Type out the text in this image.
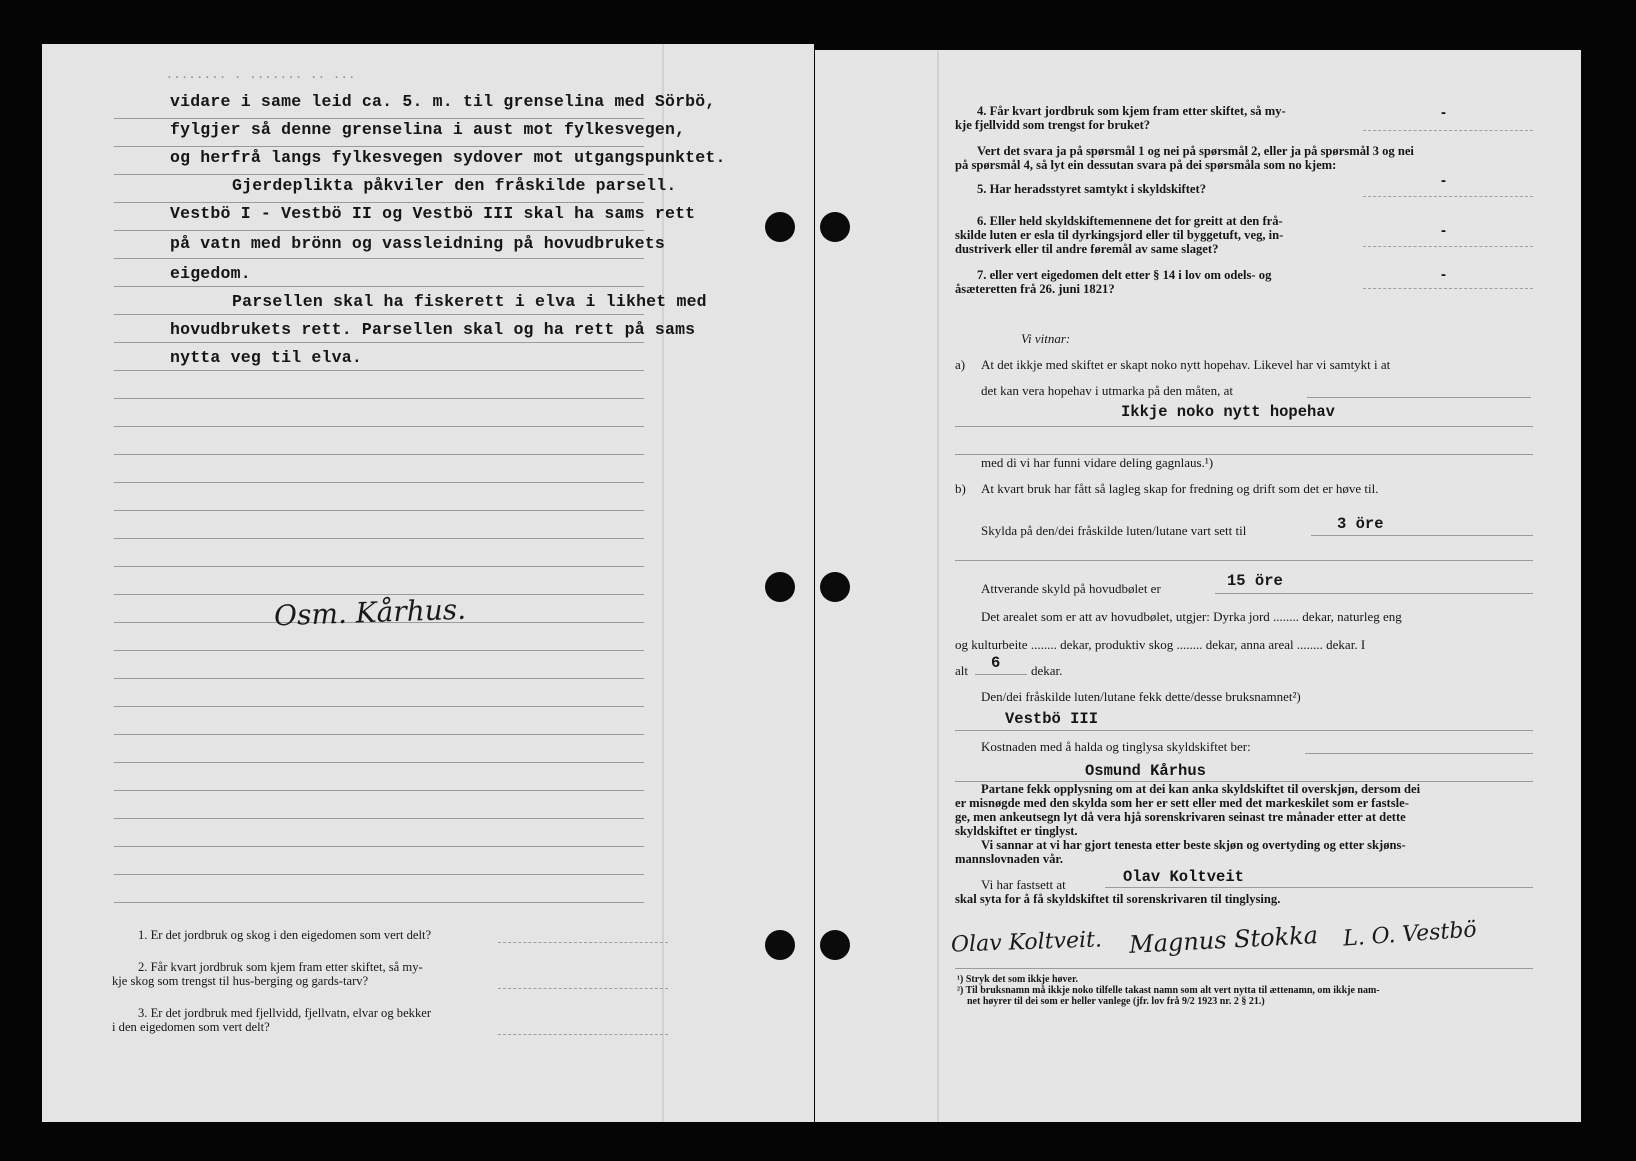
........ . ....... .. ...
vidare i same leid ca. 5. m. til grenselina med Sörbö,
fylgjer så denne grenselina i aust mot fylkesvegen,
og herfrå langs fylkesvegen sydover mot utgangspunktet.
Gjerdeplikta påkviler den fråskilde parsell.
Vestbö I - Vestbö II og Vestbö III skal ha sams rett
på vatn med brönn og vassleidning på hovudbrukets
eigedom.
Parsellen skal ha fiskerett i elva i likhet med
hovudbrukets rett. Parsellen skal og ha rett på sams
nytta veg til elva.
Osm. Kårhus.
1. Er det jordbruk og skog i den eigedomen som vert delt?
2. Får kvart jordbruk som kjem fram etter skiftet, så my-
kje skog som trengst til hus-berging og gards-tarv?
3. Er det jordbruk med fjellvidd, fjellvatn, elvar og bekker
i den eigedomen som vert delt?
4. Får kvart jordbruk som kjem fram etter skiftet, så my-
kje fjellvidd som trengst for bruket?
-
Vert det svara ja på spørsmål 1 og nei på spørsmål 2, eller ja på spørsmål 3 og nei
på spørsmål 4, så lyt ein dessutan svara på dei spørsmåla som no kjem:
5. Har heradsstyret samtykt i skyldskiftet?	-
6. Eller held skyldskiftemennene det for greitt at den frå-
skilde luten er esla til dyrkingsjord eller til byggetuft, veg, in-
dustriverk eller til andre føremål av same slaget?
-
7. eller vert eigedomen delt etter § 14 i lov om odels- og
åsæteretten frå 26. juni 1821?
-
Vi vitnar:
a) At det ikkje med skiftet er skapt noko nytt hopehav. Likevel har vi samtykt i at
det kan vera hopehav i utmarka på den måten, at
Ikkje noko nytt hopehav
med di vi har funni vidare deling gagnlaus.¹)
b) At kvart bruk har fått så lagleg skap for fredning og drift som det er høve til.
Skylda på den/dei fråskilde luten/lutane vart sett til	3 öre
Attverande skyld på hovudbølet er	15 öre
Det arealet som er att av hovudbølet, utgjer: Dyrka jord ........ dekar, naturleg eng
og kulturbeite ........ dekar, produktiv skog ........ dekar, anna areal ........ dekar. I
alt 6 dekar.
Den/dei fråskilde luten/lutane fekk dette/desse bruksnamnet²)
Vestbö III
Kostnaden med å halda og tinglysa skyldskiftet ber:
Osmund Kårhus
Partane fekk opplysning om at dei kan anka skyldskiftet til overskjøn, dersom dei
er misnøgde med den skylda som her er sett eller med det markeskilet som er fastsle-
ge, men ankeutsegn lyt då vera hjå sorenskrivaren seinast tre månader etter at dette
skyldskiftet er tinglyst.
Vi sannar at vi har gjort tenesta etter beste skjøn og overtyding og etter skjøns-
mannslovnaden vår.
Vi har fastsett at	Olav Koltveit
skal syta for å få skyldskiftet til sorenskrivaren til tinglysing.
Olav Koltveit. Magnus Stokka L. O. Vestbö
¹) Stryk det som ikkje høver.
²) Til bruksnamn må ikkje noko tilfelle takast namn som alt vert nytta til ættenamn, om ikkje nam-
net høyrer til dei som er heller vanlege (jfr. lov frå 9/2 1923 nr. 2 § 21.)
